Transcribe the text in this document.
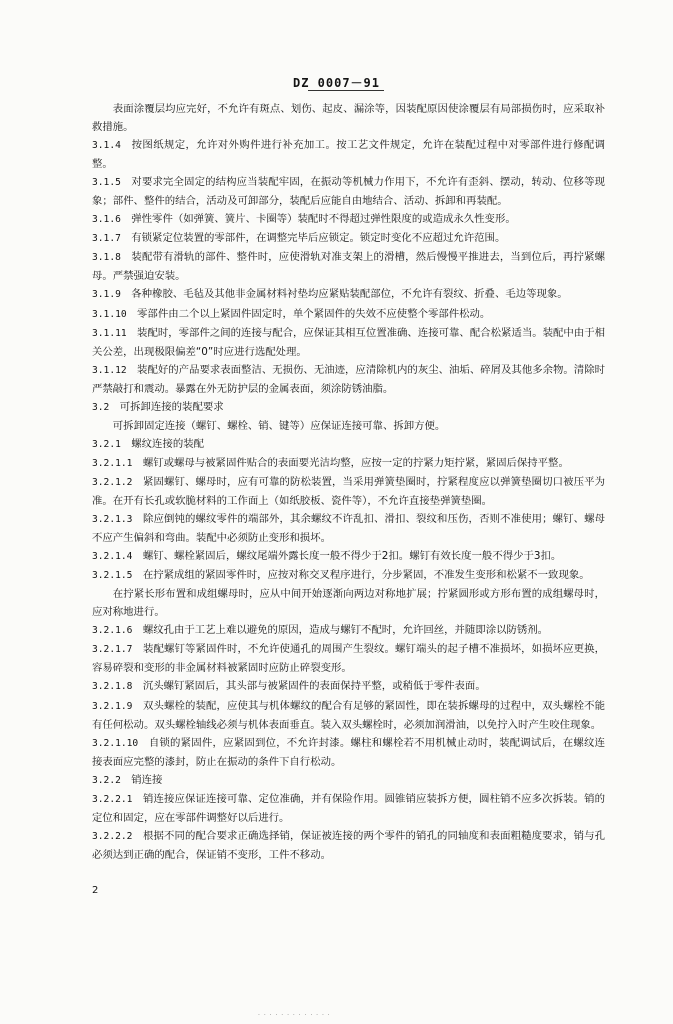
DZ 0007－91

表面涂覆层均应完好，不允许有斑点、划伤、起皮、漏涂等，因装配原因使涂覆层有局部损伤时，应采取补救措施。

3.1.4  按图纸规定，允许对外购件进行补充加工。按工艺文件规定，允许在装配过程中对零部件进行修配调整。

3.1.5  对要求完全固定的结构应当装配牢固，在振动等机械力作用下，不允许有歪斜、摆动，转动、位移等现象；部件、整件的结合，活动及可卸部分，装配后应能自由地结合、活动、拆卸和再装配。

3.1.6  弹性零件（如弹簧、簧片、卡圈等）装配时不得超过弹性限度的或造成永久性变形。

3.1.7  有锁紧定位装置的零部件，在调整完毕后应锁定。锁定时变化不应超过允许范围。

3.1.8  装配带有滑轨的部件、整件时，应使滑轨对准支架上的滑槽，然后慢慢平推进去，当到位后，再拧紧螺母。严禁强迫安装。

3.1.9  各种橡胶、毛毡及其他非金属材料衬垫均应紧贴装配部位，不允许有裂纹、折叠、毛边等现象。

3.1.10  零部件由二个以上紧固件固定时，单个紧固件的失效不应使整个零部件松动。

3.1.11  装配时，零部件之间的连接与配合，应保证其相互位置准确、连接可靠、配合松紧适当。装配中由于相关公差，出现极限偏差“0”时应进行选配处理。

3.1.12  装配好的产品要求表面整洁、无损伤、无油迹，应清除机内的灰尘、油垢、碎屑及其他多余物。清除时严禁敲打和震动。暴露在外无防护层的金属表面，须涂防锈油脂。

3.2  可拆卸连接的装配要求

可拆卸固定连接（螺钉、螺栓、销、键等）应保证连接可靠、拆卸方便。

3.2.1  螺纹连接的装配

3.2.1.1  螺钉或螺母与被紧固件贴合的表面要光洁均整，应按一定的拧紧力矩拧紧，紧固后保持平整。

3.2.1.2  紧固螺钉、螺母时，应有可靠的防松装置，当采用弹簧垫圈时，拧紧程度应以弹簧垫圈切口被压平为准。在开有长孔或软脆材料的工作面上（如纸胶板、瓷件等），不允许直接垫弹簧垫圈。

3.2.1.3  除应倒钝的螺纹零件的端部外，其余螺纹不许乱扣、滑扣、裂纹和压伤，否则不准使用；螺钉、螺母不应产生偏斜和弯曲。装配中必须防止变形和损坏。

3.2.1.4  螺钉、螺栓紧固后，螺纹尾端外露长度一般不得少于2扣。螺钉有效长度一般不得少于3扣。

3.2.1.5  在拧紧成组的紧固零件时，应按对称交叉程序进行，分步紧固，不准发生变形和松紧不一致现象。

在拧紧长形布置和成组螺母时，应从中间开始逐渐向两边对称地扩展；拧紧圆形或方形布置的成组螺母时，应对称地进行。

3.2.1.6  螺纹孔由于工艺上难以避免的原因，造成与螺钉不配时，允许回丝，并随即涂以防锈剂。

3.2.1.7  装配螺钉等紧固件时，不允许使通孔的周围产生裂纹。螺钉端头的起子槽不准损坏，如损坏应更换，容易碎裂和变形的非金属材料被紧固时应防止碎裂变形。

3.2.1.8  沉头螺钉紧固后，其头部与被紧固件的表面保持平整，或稍低于零件表面。

3.2.1.9  双头螺栓的装配，应使其与机体螺纹的配合有足够的紧固性，即在装拆螺母的过程中，双头螺栓不能有任何松动。双头螺栓轴线必须与机体表面垂直。装入双头螺栓时，必须加润滑油，以免拧入时产生咬住现象。

3.2.1.10  自锁的紧固件，应紧固到位，不允许封漆。螺柱和螺栓若不用机械止动时，装配调试后，在螺纹连接表面应完整的漆封，防止在振动的条件下自行松动。

3.2.2  销连接

3.2.2.1  销连接应保证连接可靠、定位准确，并有保险作用。圆锥销应装拆方便，圆柱销不应多次拆装。销的定位和固定，应在零部件调整好以后进行。

3.2.2.2  根据不同的配合要求正确选择销，保证被连接的两个零件的销孔的同轴度和表面粗糙度要求，销与孔必须达到正确的配合，保证销不变形，工件不移动。

2
· · · · · · · · · · · · ·
